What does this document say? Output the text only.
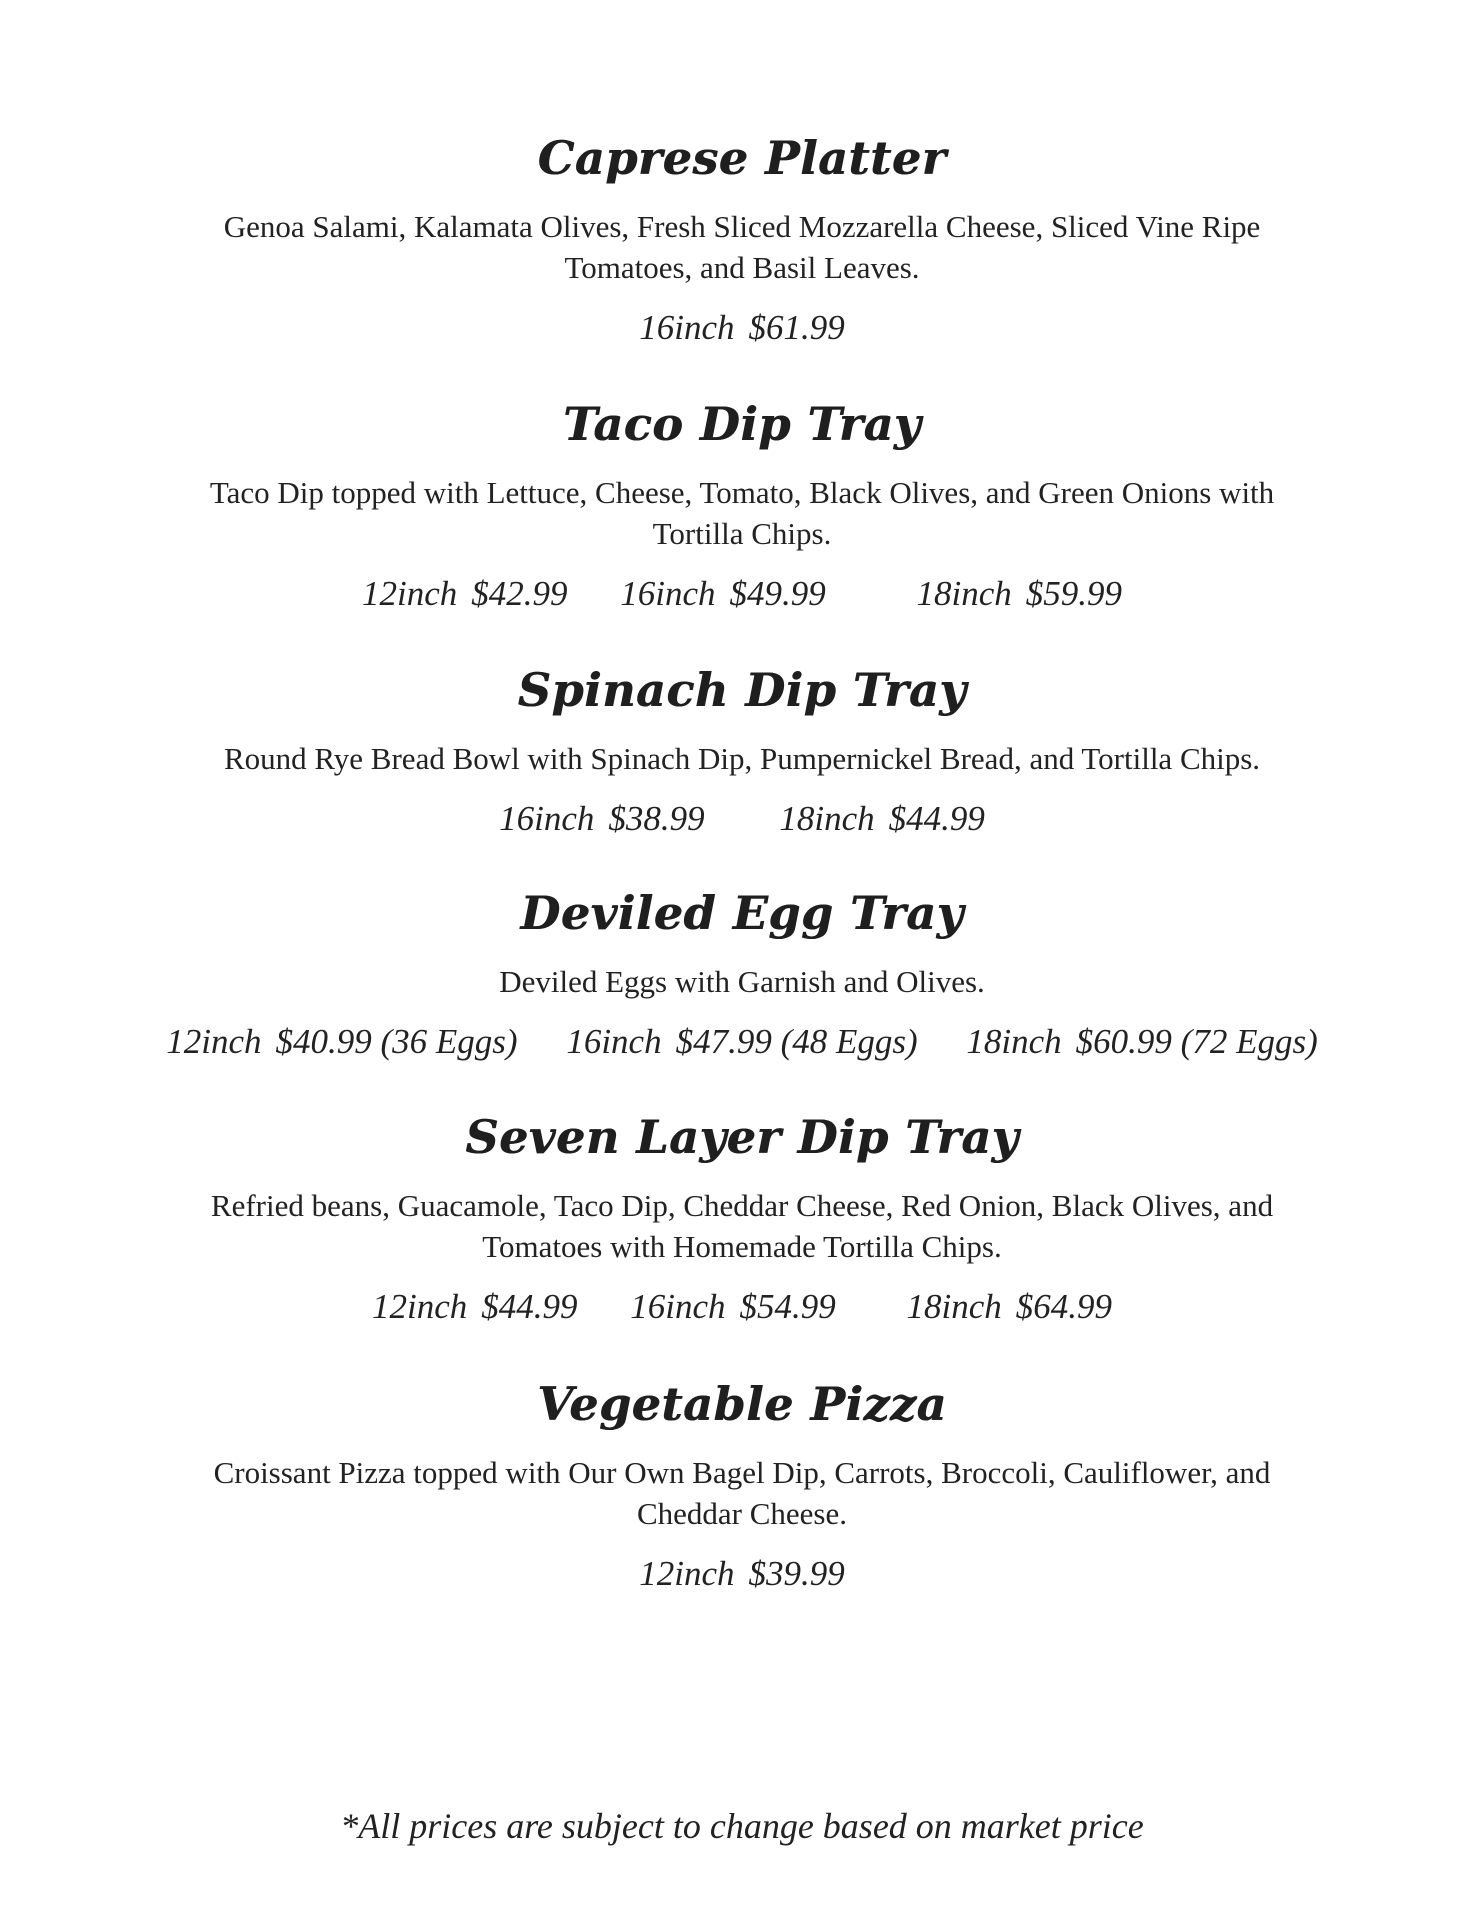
Caprese Platter

Genoa Salami, Kalamata Olives, Fresh Sliced Mozzarella Cheese, Sliced Vine Ripe Tomatoes, and Basil Leaves.

16inch $61.99
Taco Dip Tray

Taco Dip topped with Lettuce, Cheese, Tomato, Black Olives, and Green Onions with Tortilla Chips.

12inch $42.99 16inch $49.99	18inch $59.99
Spinach Dip Tray

Round Rye Bread Bowl with Spinach Dip, Pumpernickel Bread, and Tortilla Chips.

16inch $38.99 18inch $44.99
Deviled Egg Tray

Deviled Eggs with Garnish and Olives.

12inch $40.99 (36 Eggs) 16inch $47.99 (48 Eggs) 18inch $60.99 (72 Eggs)
Seven Layer Dip Tray

Refried beans, Guacamole, Taco Dip, Cheddar Cheese, Red Onion, Black Olives, and Tomatoes with Homemade Tortilla Chips.

12inch $44.99 16inch $54.99 18inch $64.99
Vegetable Pizza

Croissant Pizza topped with Our Own Bagel Dip, Carrots, Broccoli, Cauliflower, and Cheddar Cheese.

12inch $39.99
*All prices are subject to change based on market price
